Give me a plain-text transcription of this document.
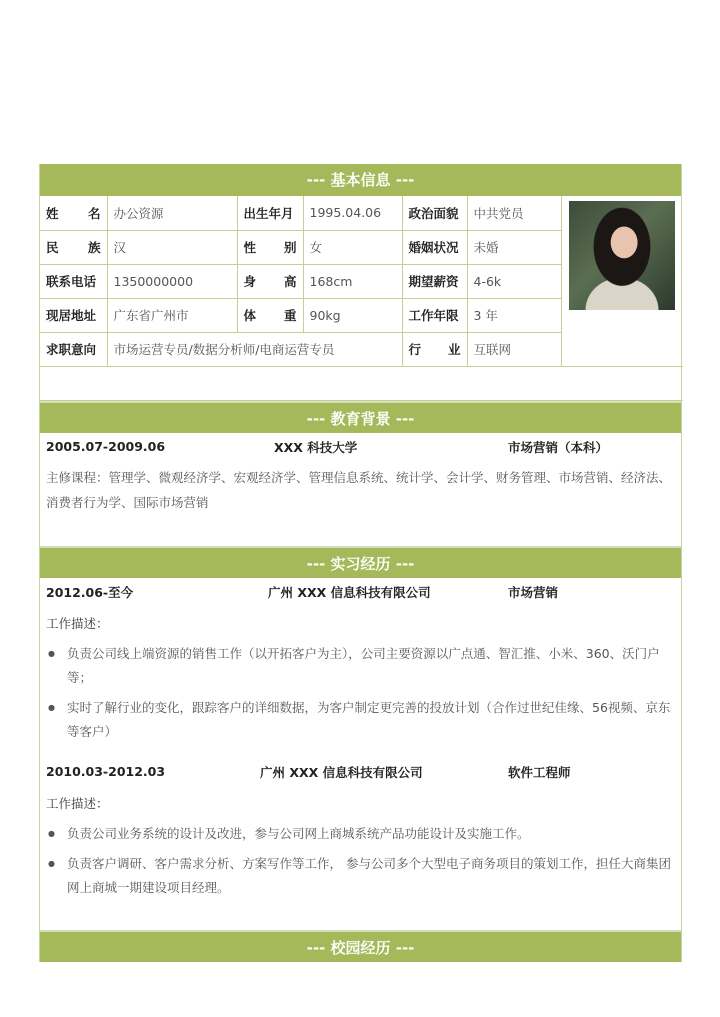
--- 基本信息 ---
姓名	办公资源	出生年月	1995.04.06	政治面貌	中共党员	

民族	汉	性别	女	婚姻状况	未婚	
联系电话	1350000000	身高	168cm	期望薪资	4-6k	
现居地址	广东省广州市	体重	90kg	工作年限	3 年	
求职意向	市场运营专员/数据分析师/电商运营专员			行业	互联网	

--- 教育背景 ---
2005.07-2009.06	XXX 科技大学	市场营销（本科）

主修课程：管理学、微观经济学、宏观经济学、管理信息系统、统计学、会计学、财务管理、市场营销、经济法、消费者行为学、国际市场营销

--- 实习经历 ---
2012.06-至今	广州 XXX 信息科技有限公司	市场营销
工作描述：
● 负责公司线上端资源的销售工作（以开拓客户为主），公司主要资源以广点通、智汇推、小米、360、沃门户等；
● 实时了解行业的变化，跟踪客户的详细数据，为客户制定更完善的投放计划（合作过世纪佳缘、56视频、京东等客户）
2010.03-2012.03	广州 XXX 信息科技有限公司	软件工程师
工作描述：
● 负责公司业务系统的设计及改进，参与公司网上商城系统产品功能设计及实施工作。
● 负责客户调研、客户需求分析、方案写作等工作， 参与公司多个大型电子商务项目的策划工作，担任大商集团网上商城一期建设项目经理。
--- 校园经历 ---
